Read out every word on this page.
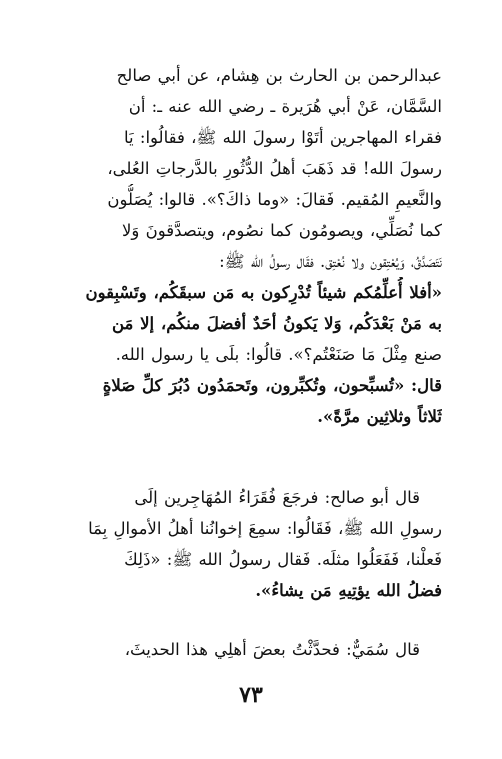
عبدالرحمن بن الحارث بن هِشام، عن أبي صالح
السَّمَّان، عَنْ أبي هُرَيرة ـ رضي الله عنه ـ: أن
فقراء المهاجرين أتَوْا رسولَ الله ﷺ، فقالُوا: يَا
رسولَ الله! قد ذَهَبَ أهلُ الدُّثُورِ بالدَّرجاتِ العُلى،
والنَّعيمِ المُقيم. فَقالَ: «وما ذاكَ؟». قالوا: يُصَلُّون
كما نُصَلِّي، ويصومُون كما نصُوم، ويتصدَّقونَ وَلا
نَتَصَدَّقُ، وَيُعْتِقون ولا نُعْتِق. فقَال رسولُ الله ﷺ:
«أفلا أُعلِّمُكم شيئاً تُدْرِكون به مَن سبقَكُم، وتَسْبِقون
به مَنْ بَعْدَكُم، وَلا يَكونُ أحَدٌ أفضلَ منكُم، إلا مَن
صنع مِثْلَ مَا صَنَعْتُم؟». قالُوا: بلَى يا رسول الله.
قال: «تُسبِّحون، وتُكبِّرون، وتَحمَدُون دُبُرَ كلِّ صَلاةٍ
ثَلاثاً وثلاثِين مرَّةً».
قال أبو صالح: فرجَعَ فُقَرَاءُ المُهَاجِرين إلَى
رسولِ الله ﷺ، فَقَالُوا: سمِعَ إخوانُنا أهلُ الأموالِ بِمَا
فَعلْنا، فَفَعَلُوا مثلَه. فَقال رسولُ الله ﷺ: «ذَلِكَ
فضلُ الله يؤتِيهِ مَن يشاءُ».
قال سُمَيٌّ: فحدَّثْتُ بعضَ أهلِي هذا الحديثَ،
٧٣
